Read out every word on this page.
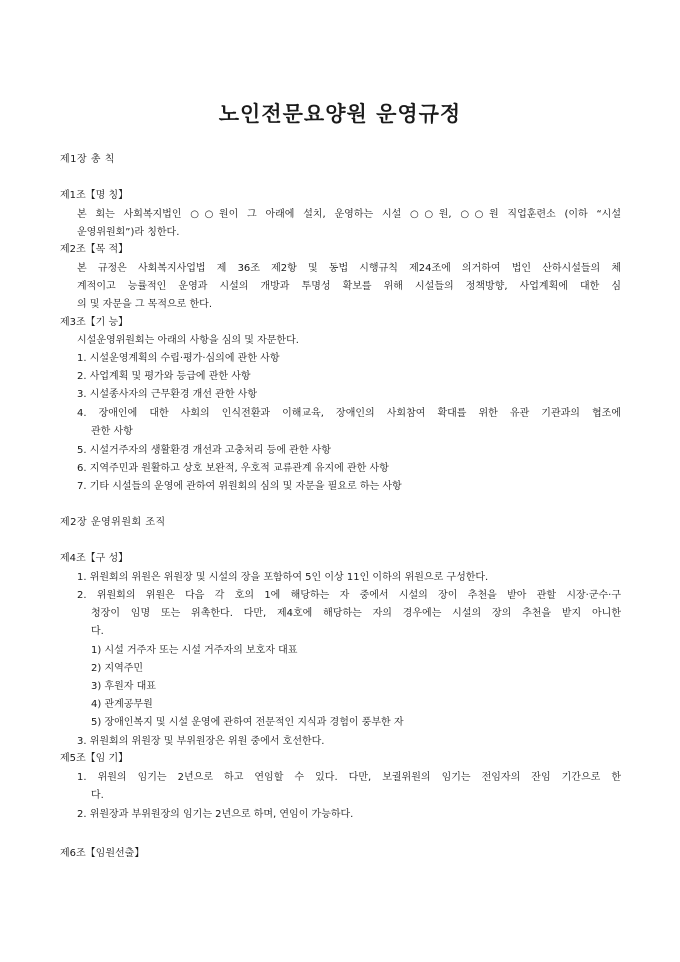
노인전문요양원 운영규정
제1장 총 칙
제1조【명 칭】
본 회는 사회복지법인 ○○원이 그 아래에 설치, 운영하는 시설 ○○원, ○○원 직업훈련소 (이하 “시설
운영위원회”)라 칭한다.
제2조【목 적】
본 규정은 사회복지사업법 제 36조 제2항 및 동법 시행규칙 제24조에 의거하여 법인 산하시설들의 체
계적이고 능률적인 운영과 시설의 개방과 투명성 확보를 위해 시설들의 정책방향, 사업계획에 대한 심
의 및 자문을 그 목적으로 한다.
제3조【기 능】
시설운영위원회는 아래의 사항을 심의 및 자문한다.
1. 시설운영계획의 수립·평가·심의에 관한 사항
2. 사업계획 및 평가와 등급에 관한 사항
3. 시설종사자의 근무환경 개선 관한 사항
4. 장애인에 대한 사회의 인식전환과 이해교육, 장애인의 사회참여 확대를 위한 유관 기관과의 협조에
관한 사항
5. 시설거주자의 생활환경 개선과 고충처리 등에 관한 사항
6. 지역주민과 원활하고 상호 보완적, 우호적 교류관계 유지에 관한 사항
7. 기타 시설들의 운영에 관하여 위원회의 심의 및 자문을 필요로 하는 사항
제2장 운영위원회 조직
제4조【구 성】
1. 위원회의 위원은 위원장 및 시설의 장을 포함하여 5인 이상 11인 이하의 위원으로 구성한다.
2. 위원회의 위원은 다음 각 호의 1에 해당하는 자 중에서 시설의 장이 추천을 받아 관할 시장·군수·구
청장이 임명 또는 위촉한다. 다만, 제4호에 해당하는 자의 경우에는 시설의 장의 추천을 받지 아니한
다.
1) 시설 거주자 또는 시설 거주자의 보호자 대표
2) 지역주민
3) 후원자 대표
4) 관계공무원
5) 장애인복지 및 시설 운영에 관하여 전문적인 지식과 경험이 풍부한 자
3. 위원회의 위원장 및 부위원장은 위원 중에서 호선한다.
제5조【임 기】
1. 위원의 임기는 2년으로 하고 연임할 수 있다. 다만, 보궐위원의 임기는 전임자의 잔임 기간으로 한
다.
2. 위원장과 부위원장의 임기는 2년으로 하며, 연임이 가능하다.
제6조【임원선출】
